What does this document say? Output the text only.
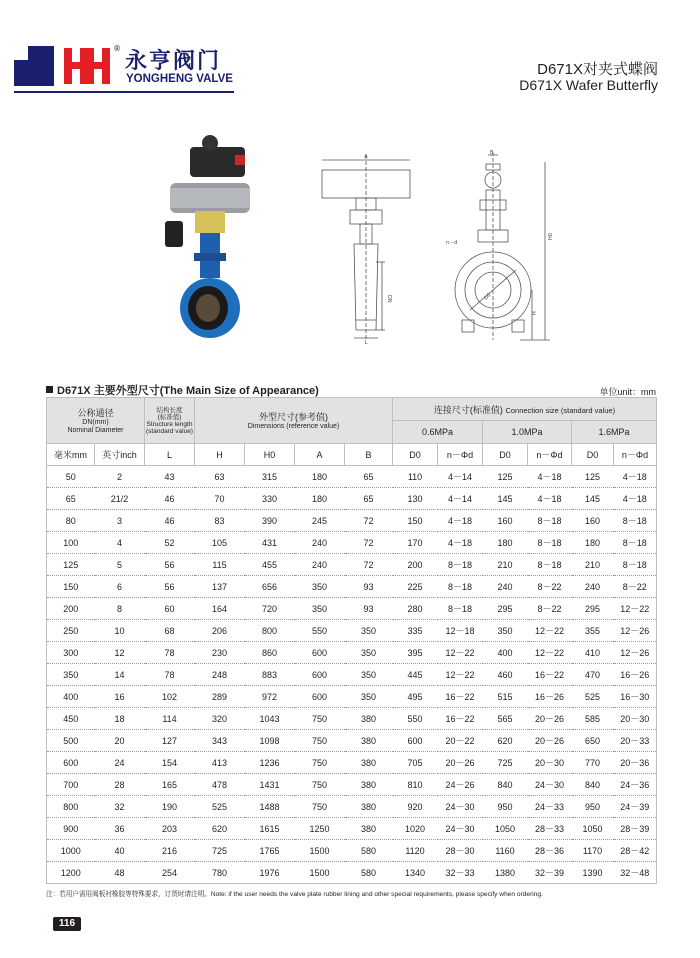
®
永亨阀门
YONGHENG VALVE
D671X对夹式蝶阀
D671X Wafer Butterfly
A
DN
L
B
H0
H
n－d
D0
D671X 主要外型尺寸(The Main Size of Appearance)	单位unit：mm
公称通径
DN(mm)
Nominal Diameter		结构长度
(标准值)
Structure length (standard value)	外型尺寸(参考值)
Dimensions (reference value)				连接尺寸(标准值) Connection size (standard value)					
							0.6MPa		1.0MPa		1.6MPa	
毫米mm	英寸inch	L	H	H0	A	B	D0	n－Φd	D0	n－Φd	D0	n－Φd
50	2	43	63	315	180	65	110	4－14	125	4－18	125	4－18
65	21/2	46	70	330	180	65	130	4－14	145	4－18	145	4－18
80	3	46	83	390	245	72	150	4－18	160	8－18	160	8－18
100	4	52	105	431	240	72	170	4－18	180	8－18	180	8－18
125	5	56	115	455	240	72	200	8－18	210	8－18	210	8－18
150	6	56	137	656	350	93	225	8－18	240	8－22	240	8－22
200	8	60	164	720	350	93	280	8－18	295	8－22	295	12－22
250	10	68	206	800	550	350	335	12－18	350	12－22	355	12－26
300	12	78	230	860	600	350	395	12－22	400	12－22	410	12－26
350	14	78	248	883	600	350	445	12－22	460	16－22	470	16－26
400	16	102	289	972	600	350	495	16－22	515	16－26	525	16－30
450	18	114	320	1043	750	380	550	16－22	565	20－26	585	20－30
500	20	127	343	1098	750	380	600	20－22	620	20－26	650	20－33
600	24	154	413	1236	750	380	705	20－26	725	20－30	770	20－36
700	28	165	478	1431	750	380	810	24－26	840	24－30	840	24－36
800	32	190	525	1488	750	380	920	24－30	950	24－33	950	24－39
900	36	203	620	1615	1250	380	1020	24－30	1050	28－33	1050	28－39
1000	40	216	725	1765	1500	580	1120	28－30	1160	28－36	1170	28－42
1200	48	254	780	1976	1500	580	1340	32－33	1380	32－39	1390	32－48
注：若用户需用阀板衬橡胶等特殊要求，订货时请注明。Note: if the user needs the valve plate rubber lining and other special requirements, please specify when ordering.
116
